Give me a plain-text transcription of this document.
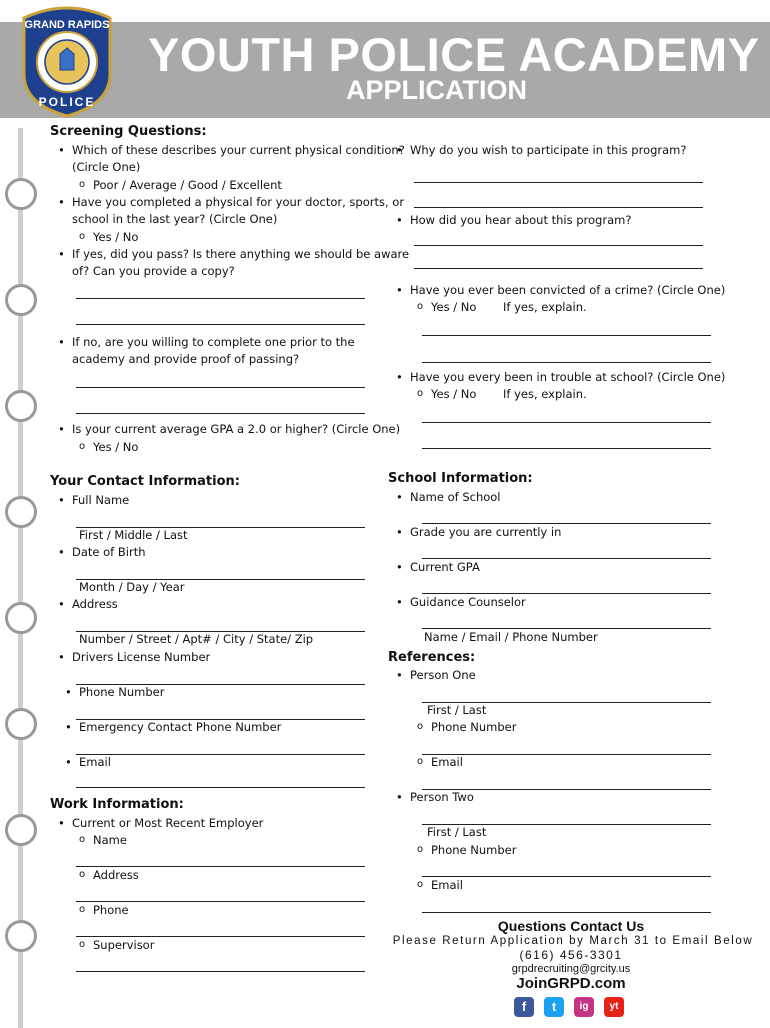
YOUTH POLICE ACADEMY
APPLICATION
GRAND RAPIDS
POLICE
Screening Questions:
• Which of these describes your current physical condition?
(Circle One)
o Poor / Average / Good / Excellent
• Have you completed a physical for your doctor, sports, or
school in the last year? (Circle One)
o Yes / No
• If yes, did you pass? Is there anything we should be aware
of? Can you provide a copy?
• If no, are you willing to complete one prior to the
academy and provide proof of passing?
• Is your current average GPA a 2.0 or higher? (Circle One)
o Yes / No
• Why do you wish to participate in this program?
• How did you hear about this program?
• Have you ever been convicted of a crime? (Circle One)
o Yes / No If yes, explain.
• Have you every been in trouble at school? (Circle One)
o Yes / No If yes, explain.
Your Contact Information:
• Full Name
First / Middle / Last
• Date of Birth
Month / Day / Year
• Address
Number / Street / Apt# / City / State/ Zip
• Drivers License Number
• Phone Number
• Emergency Contact Phone Number
• Email
Work Information:
• Current or Most Recent Employer
o Name
o Address
o Phone
o Supervisor
School Information:
• Name of School
• Grade you are currently in
• Current GPA
• Guidance Counselor
Name / Email / Phone Number
References:
• Person One
First / Last
o Phone Number
o Email
• Person Two
First / Last
o Phone Number
o Email
Questions Contact Us
Please Return Application by March 31 to Email Below
(616) 456-3301
grpdrecruiting@grcity.us
JoinGRPD.com
f	t	ig	yt
